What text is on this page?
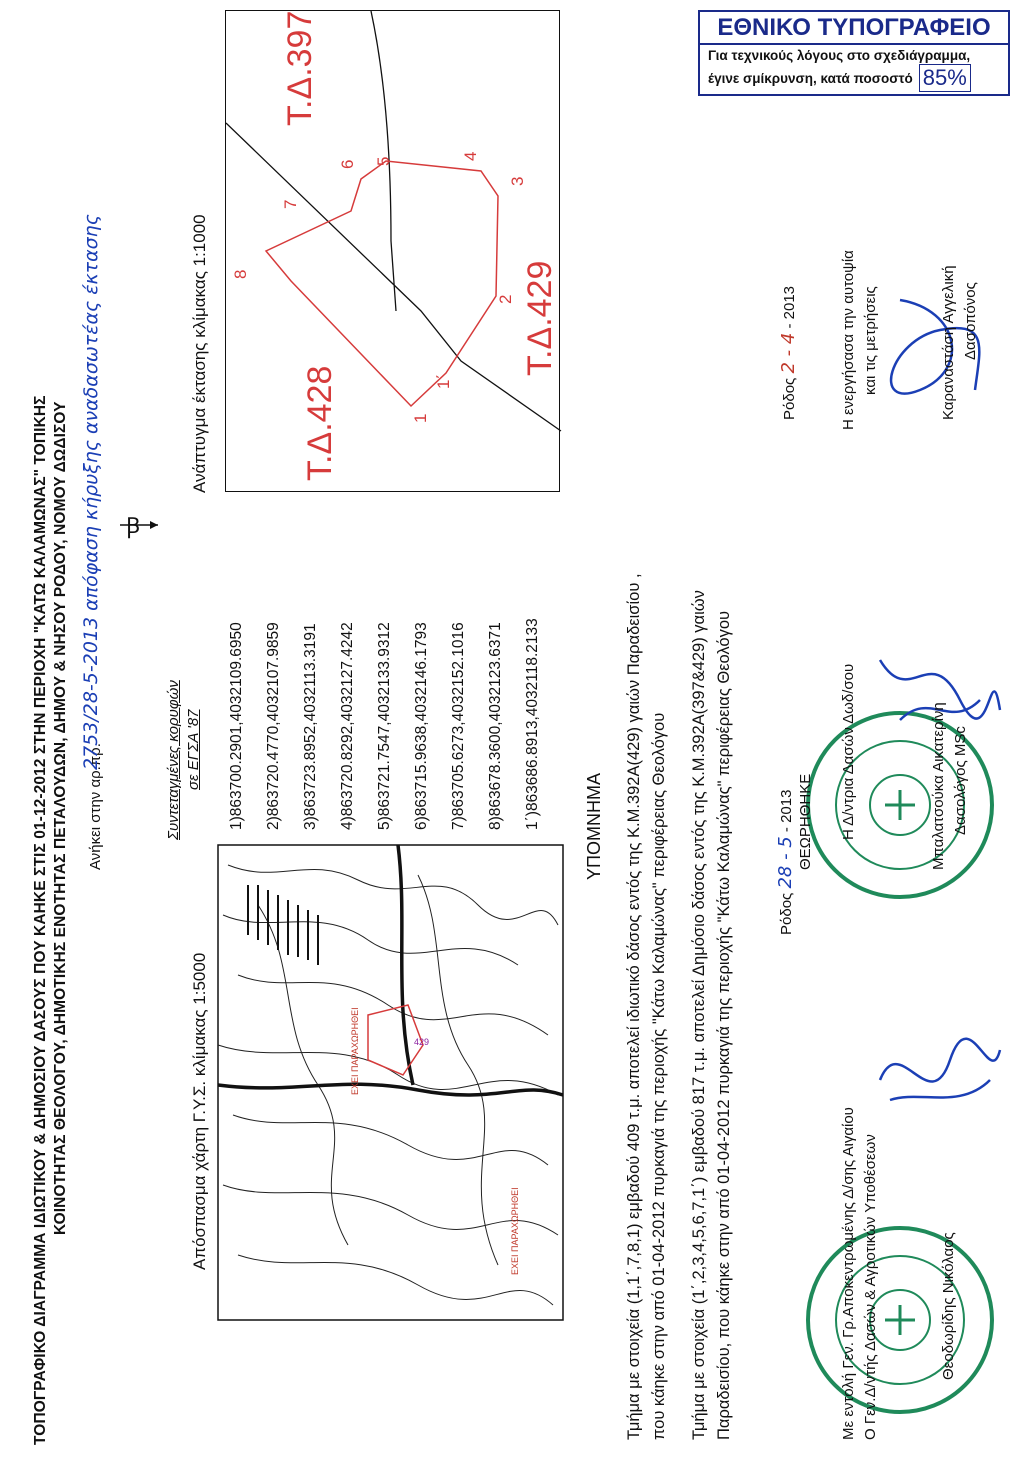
ΕΘΝΙΚΟ ΤΥΠΟΓΡΑΦΕΙΟ
Για τεχνικούς λόγους στο σχεδιάγραμμα,
έγινε σμίκρυνση, κατά ποσοστό 85%
ΤΟΠΟΓΡΑΦΙΚΟ ΔΙΑΓΡΑΜΜΑ ΙΔΙΩΤΙΚΟΥ & ΔΗΜΟΣΙΟΥ ΔΑΣΟΥΣ ΠΟΥ ΚΑΗΚΕ ΣΤΙΣ 01-12-2012 ΣΤΗΝ ΠΕΡΙΟΧΗ "ΚΑΤΩ ΚΑΛΑΜΩΝΑΣ" ΤΟΠΙΚΗΣ ΚΟΙΝΟΤΗΤΑΣ ΘΕΟΛΟΓΟΥ, ΔΗΜΟΤΙΚΗΣ ΕΝΟΤΗΤΑΣ ΠΕΤΑΛΟΥΔΩΝ, ΔΗΜΟΥ & ΝΗΣΟΥ ΡΟΔΟΥ, ΝΟΜΟΥ ΔΩΔΙΣΟΥ Ανήκει στην αρ.πρ.
2753/28-5-2013 απόφαση κήρυξης αναδασωτέας έκτασης Ꞵ
Απόσπασμα χάρτη Γ.Υ.Σ. κλίμακας 1:5000	ΕΧΕΙ ΠΑΡΑΧΩΡΗΘΕΙ
ΕΧΕΙ ΠΑΡΑΧΩΡΗΘΕΙ
429
Συντεταγμένες κορυφών σε ΕΓΣΑ '87 1)863700.2901,4032109.6950 2)863720.4770,4032107.9859 3)863723.8952,4032113.3191 4)863720.8292,4032127.4242 5)863721.7547,4032133.9312 6)863715.9638,4032146.1793 7)863705.6273,4032152.1016 8)863678.3600,4032123.6371 1΄)863686.8913,4032118.2133
Ανάπτυγμα έκτασης κλίμακας 1:1000
Τ.Δ.397
Τ.Δ.428
Τ.Δ.429
1
1΄
2
3
4
5
6
7
8
ΥΠΟΜΝΗΜΑ Τμήμα με στοιχεία (1,1΄,7,8,1) εμβαδού 409 τ.μ. αποτελεί ιδιωτικό δάσος εντός της Κ.Μ.392Α(429) γαιών Παραδεισίου , που κάηκε στην από 01-04-2012 πυρκαγιά της περιοχής "Κάτω Καλαμώνας" περιφέρειας Θεολόγου Τμήμα με στοιχεία (1΄,2,3,4,5,6,7,1΄) εμβαδού 817 τ.μ. αποτελεί Δημόσιο δάσος εντός της Κ.Μ.392Α(397&429) γαιών Παραδεισίου, που κάηκε στην από 01-04-2012 πυρκαγιά της περιοχής "Κάτω Καλαμώνας" περιφέρειας Θεολόγου	Με εντολή Γεν. Γρ.Αποκεντρωμένης Δ/σης Αιγαίου Ο Γεν.Δ/ντής Δασών & Αγροτικών Υποθέσεων	Θεοδωρίδης Νικόλαος
Ρόδος 28 - 5 - 2013 ΘΕΩΡΗΘΗΚΕ Η Δ/ντρια Δασών Δωδ/σου	Μπαλατσούκα Αικατερίνη Δασολόγος MSc
Ρόδος 2 - 4 - 2013	Η ενεργήσασα την αυτοψία και τις μετρήσεις	Καραναστάση Αγγελική Δασοπόνος
